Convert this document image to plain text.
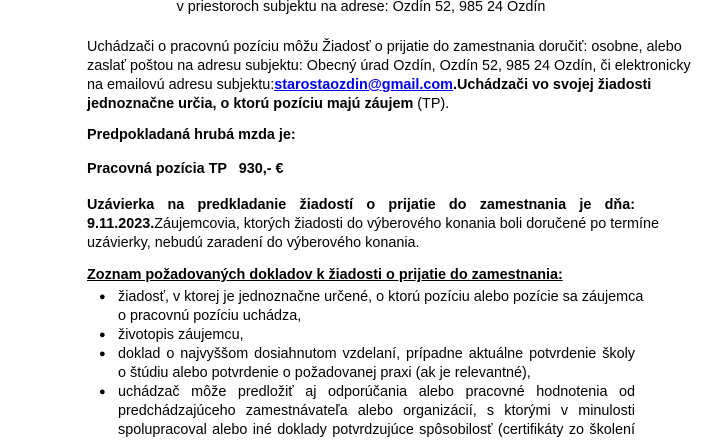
v priestoroch subjektu na adrese: Ozdín 52, 985 24 Ozdín
Uchádzači o pracovnú pozíciu môžu Žiadosť o prijatie do zamestnania doručiť: osobne, alebo
zaslať poštou na adresu subjektu: Obecný úrad Ozdín, Ozdín 52, 985 24 Ozdín, či elektronicky
na emailovú adresu subjektu: starostaozdin@gmail.com .Uchádzači vo svojej žiadosti
jednoznačne určia, o ktorú pozíciu majú záujem (TP).
Predpokladaná hrubá mzda je:
Pracovná pozícia TP   930,- €
Uzávierka na predkladanie žiadostí o prijatie do zamestnania je dňa:
9.11.2023.Záujemcovia, ktorých žiadosti do výberového konania boli doručené po termíne
uzávierky, nebudú zaradení do výberového konania.
Zoznam požadovaných dokladov k žiadosti o prijatie do zamestnania:
● žiadosť, v ktorej je jednoznačne určené, o ktorú pozíciu alebo pozície sa záujemca
o pracovnú pozíciu uchádza,
● životopis záujemcu,
● doklad o najvyššom dosiahnutom vzdelaní, prípadne aktuálne potvrdenie školy
o štúdiu alebo potvrdenie o požadovanej praxi (ak je relevantné),
● uchádzač môže predložiť aj odporúčania alebo pracovné hodnotenia od
predchádzajúceho zamestnávateľa alebo organizácií, s ktorými v minulosti
spolupracoval alebo iné doklady potvrdzujúce spôsobilosť (certifikáty zo školení
